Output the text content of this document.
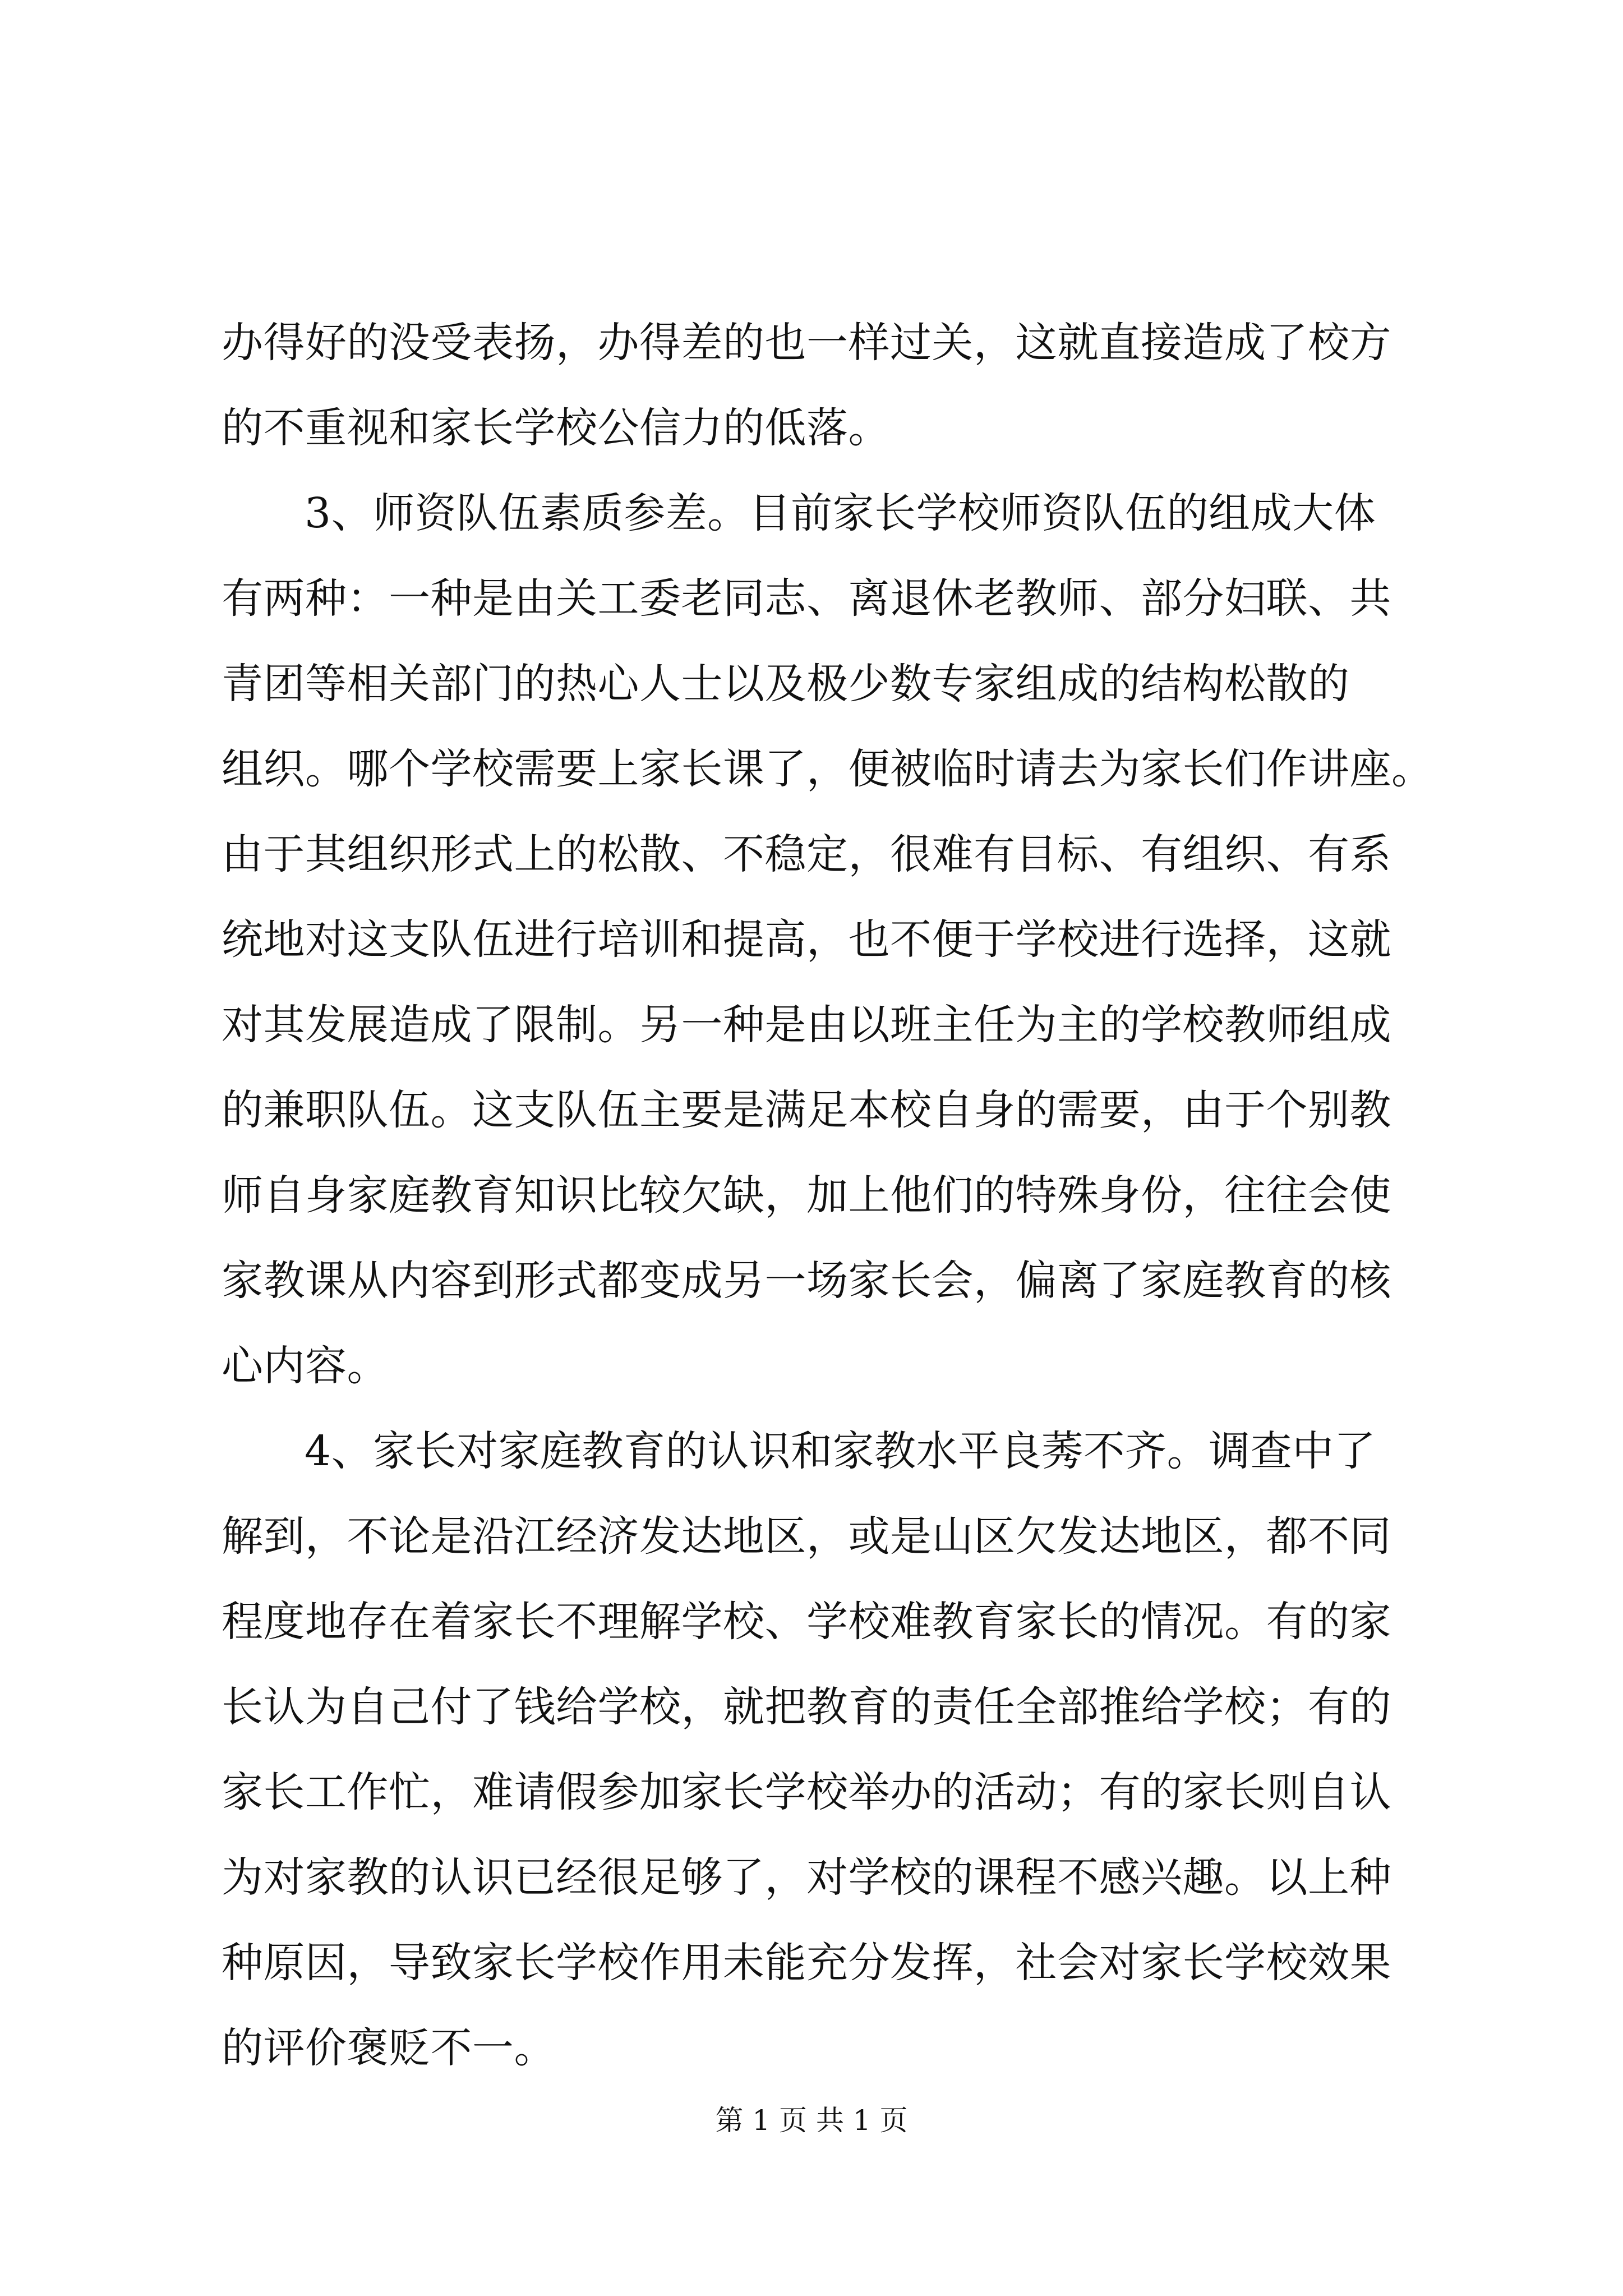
办得好的没受表扬，办得差的也一样过关，这就直接造成了校方
的不重视和家长学校公信力的低落。
3、师资队伍素质参差。目前家长学校师资队伍的组成大体
有两种：一种是由关工委老同志、离退休老教师、部分妇联、共
青团等相关部门的热心人士以及极少数专家组成的结构松散的
组织。哪个学校需要上家长课了，便被临时请去为家长们作讲座。
由于其组织形式上的松散、不稳定，很难有目标、有组织、有系
统地对这支队伍进行培训和提高，也不便于学校进行选择，这就
对其发展造成了限制。另一种是由以班主任为主的学校教师组成
的兼职队伍。这支队伍主要是满足本校自身的需要，由于个别教
师自身家庭教育知识比较欠缺，加上他们的特殊身份，往往会使
家教课从内容到形式都变成另一场家长会，偏离了家庭教育的核
心内容。
4、家长对家庭教育的认识和家教水平良莠不齐。调查中了
解到，不论是沿江经济发达地区，或是山区欠发达地区，都不同
程度地存在着家长不理解学校、学校难教育家长的情况。有的家
长认为自己付了钱给学校，就把教育的责任全部推给学校；有的
家长工作忙，难请假参加家长学校举办的活动；有的家长则自认
为对家教的认识已经很足够了，对学校的课程不感兴趣。以上种
种原因，导致家长学校作用未能充分发挥，社会对家长学校效果
的评价褒贬不一。
第 1 页 共 1 页
